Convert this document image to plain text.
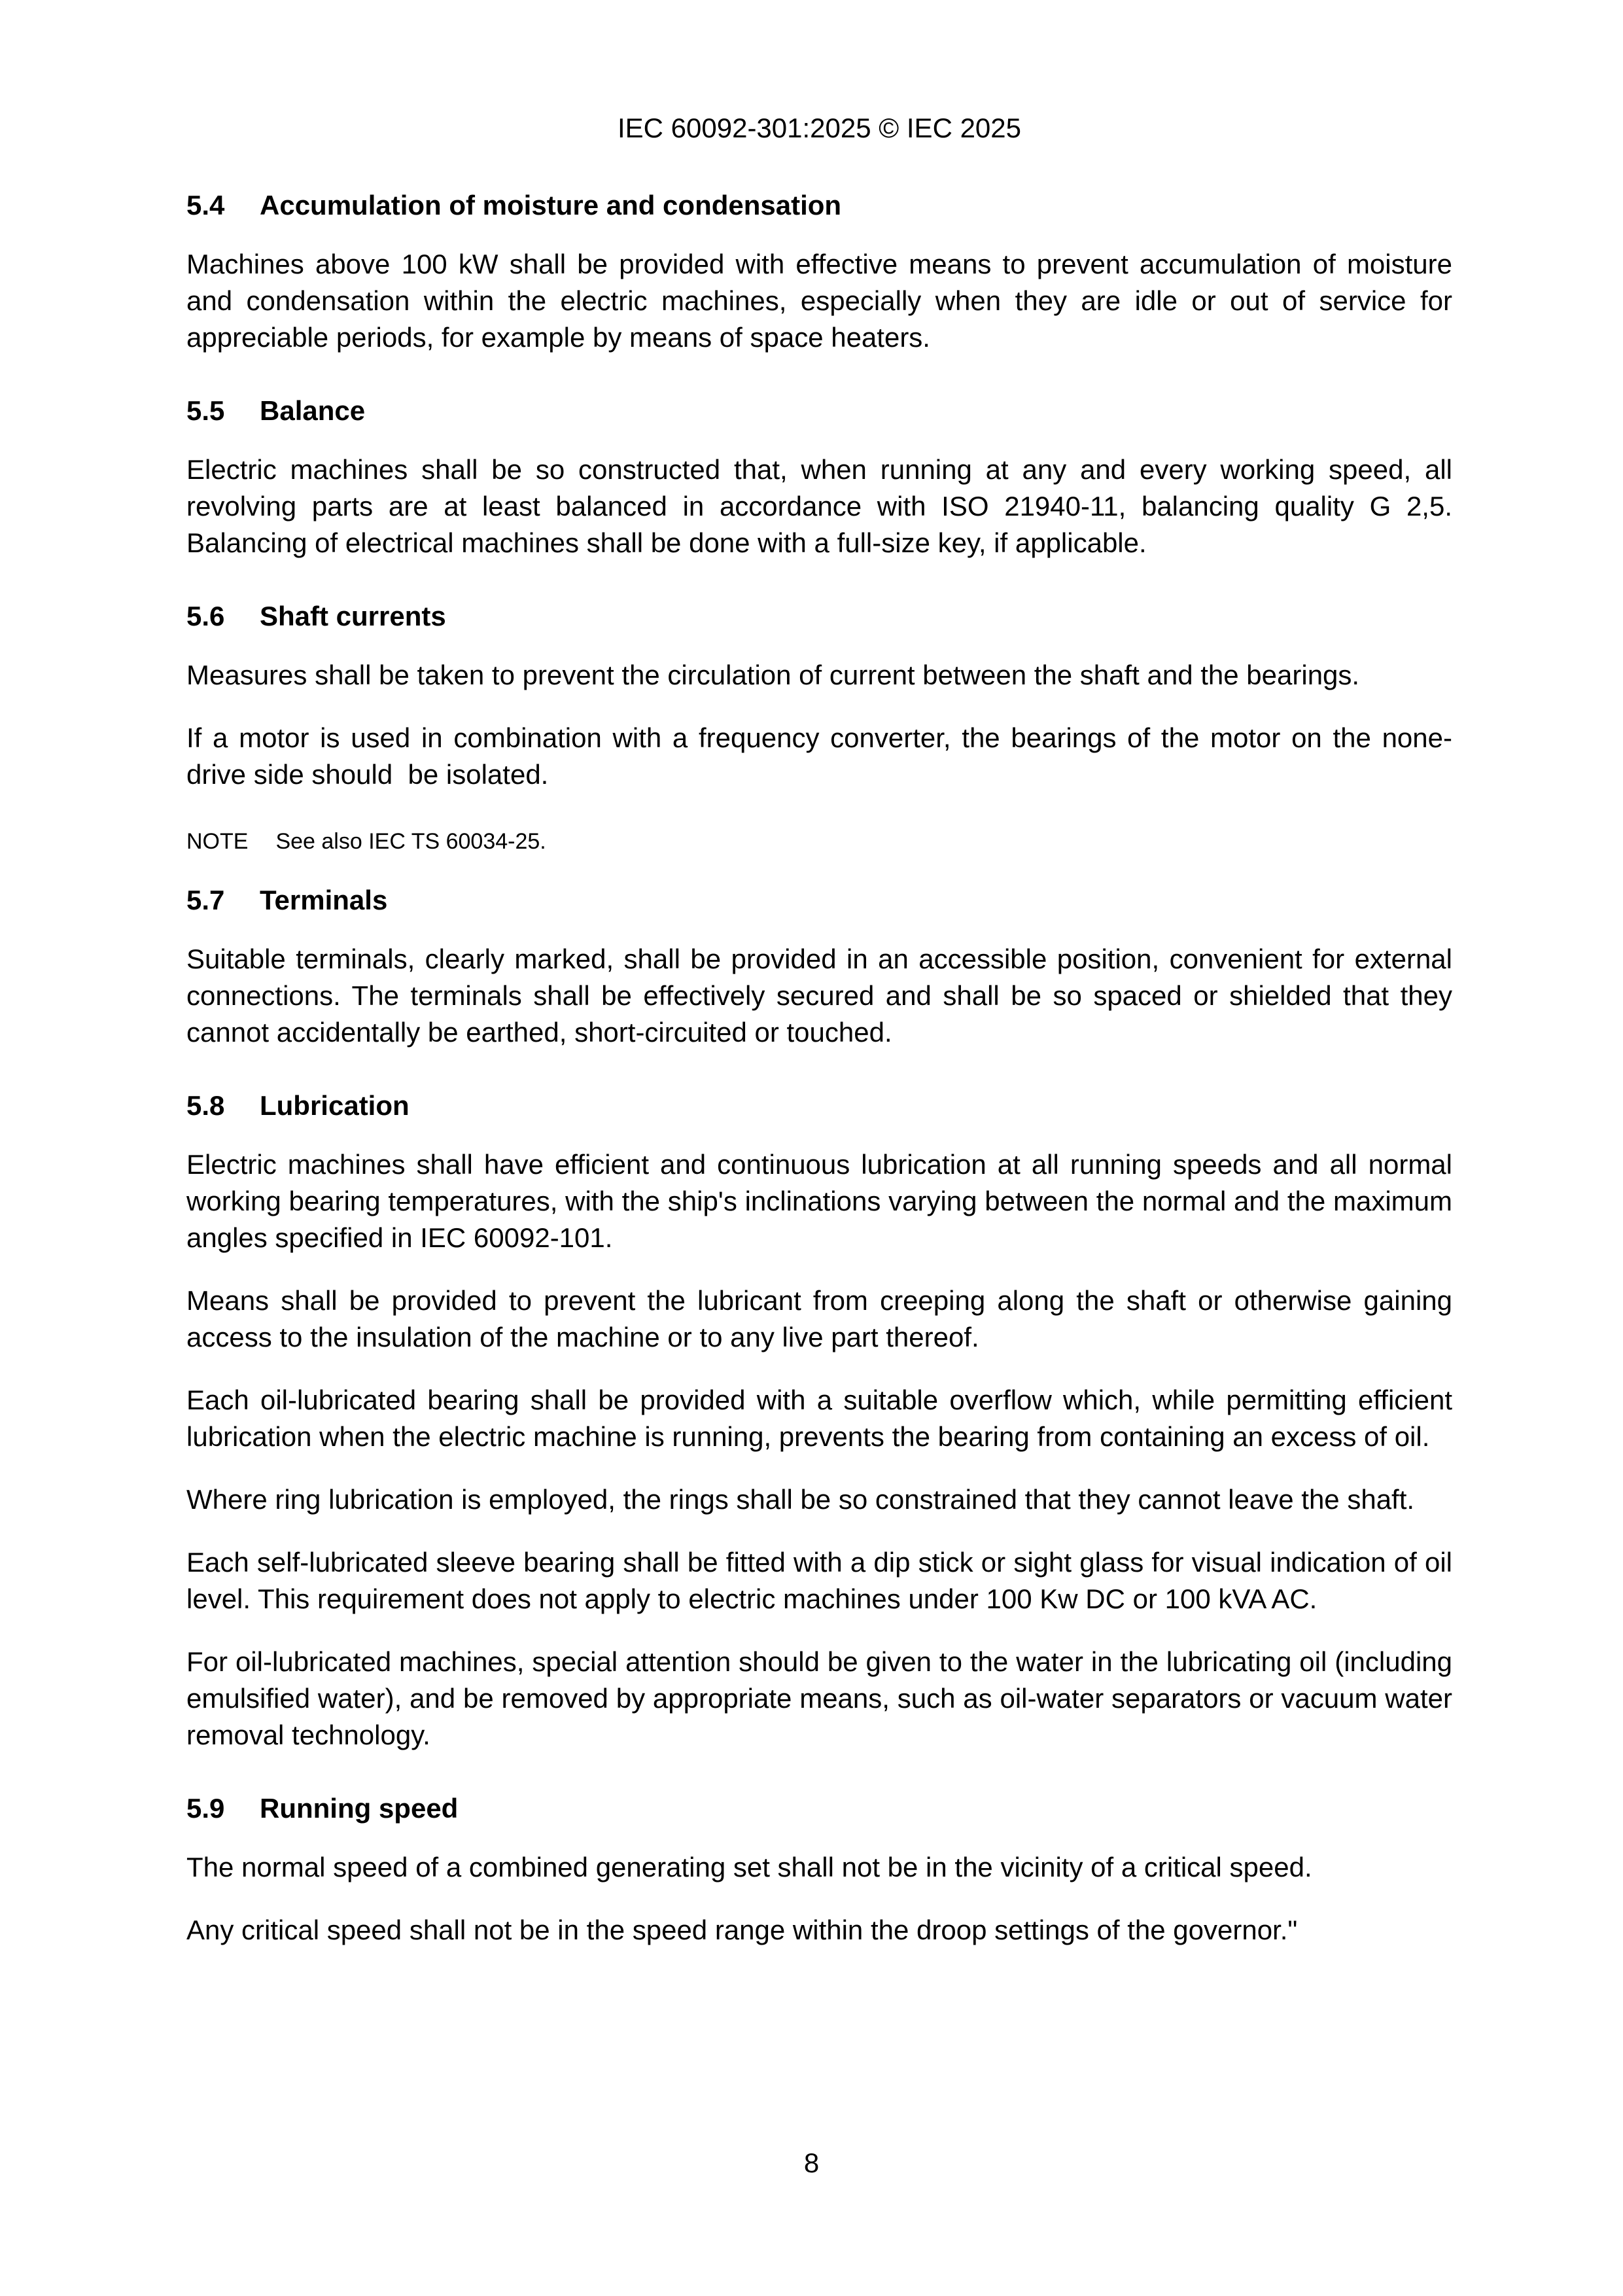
IEC 60092-301:2025 © IEC 2025
5.4 Accumulation of moisture and condensation

Machines above 100 kW shall be provided with effective means to prevent accumulation of moisture and condensation within the electric machines, especially when they are idle or out of service for appreciable periods, for example by means of space heaters.

5.5 Balance

Electric machines shall be so constructed that, when running at any and every working speed, all revolving parts are at least balanced in accordance with ISO 21940-11, balancing quality G 2,5. Balancing of electrical machines shall be done with a full-size key, if applicable.

5.6 Shaft currents

Measures shall be taken to prevent the circulation of current between the shaft and the bearings.

If a motor is used in combination with a frequency converter, the bearings of the motor on the none-drive side should  be isolated.

NOTE See also IEC TS 60034-25.

5.7 Terminals

Suitable terminals, clearly marked, shall be provided in an accessible position, convenient for external connections. The terminals shall be effectively secured and shall be so spaced or shielded that they cannot accidentally be earthed, short-circuited or touched.

5.8 Lubrication

Electric machines shall have efficient and continuous lubrication at all running speeds and all normal working bearing temperatures, with the ship's inclinations varying between the normal and the maximum angles specified in IEC 60092-101.

Means shall be provided to prevent the lubricant from creeping along the shaft or otherwise gaining access to the insulation of the machine or to any live part thereof.

Each oil-lubricated bearing shall be provided with a suitable overflow which, while permitting efficient lubrication when the electric machine is running, prevents the bearing from containing an excess of oil.

Where ring lubrication is employed, the rings shall be so constrained that they cannot leave the shaft.

Each self-lubricated sleeve bearing shall be fitted with a dip stick or sight glass for visual indication of oil level. This requirement does not apply to electric machines under 100 Kw DC or 100 kVA AC.

For oil-lubricated machines, special attention should be given to the water in the lubricating oil (including emulsified water), and be removed by appropriate means, such as oil-water separators or vacuum water removal technology.

5.9 Running speed

The normal speed of a combined generating set shall not be in the vicinity of a critical speed.

Any critical speed shall not be in the speed range within the droop settings of the governor."

8
